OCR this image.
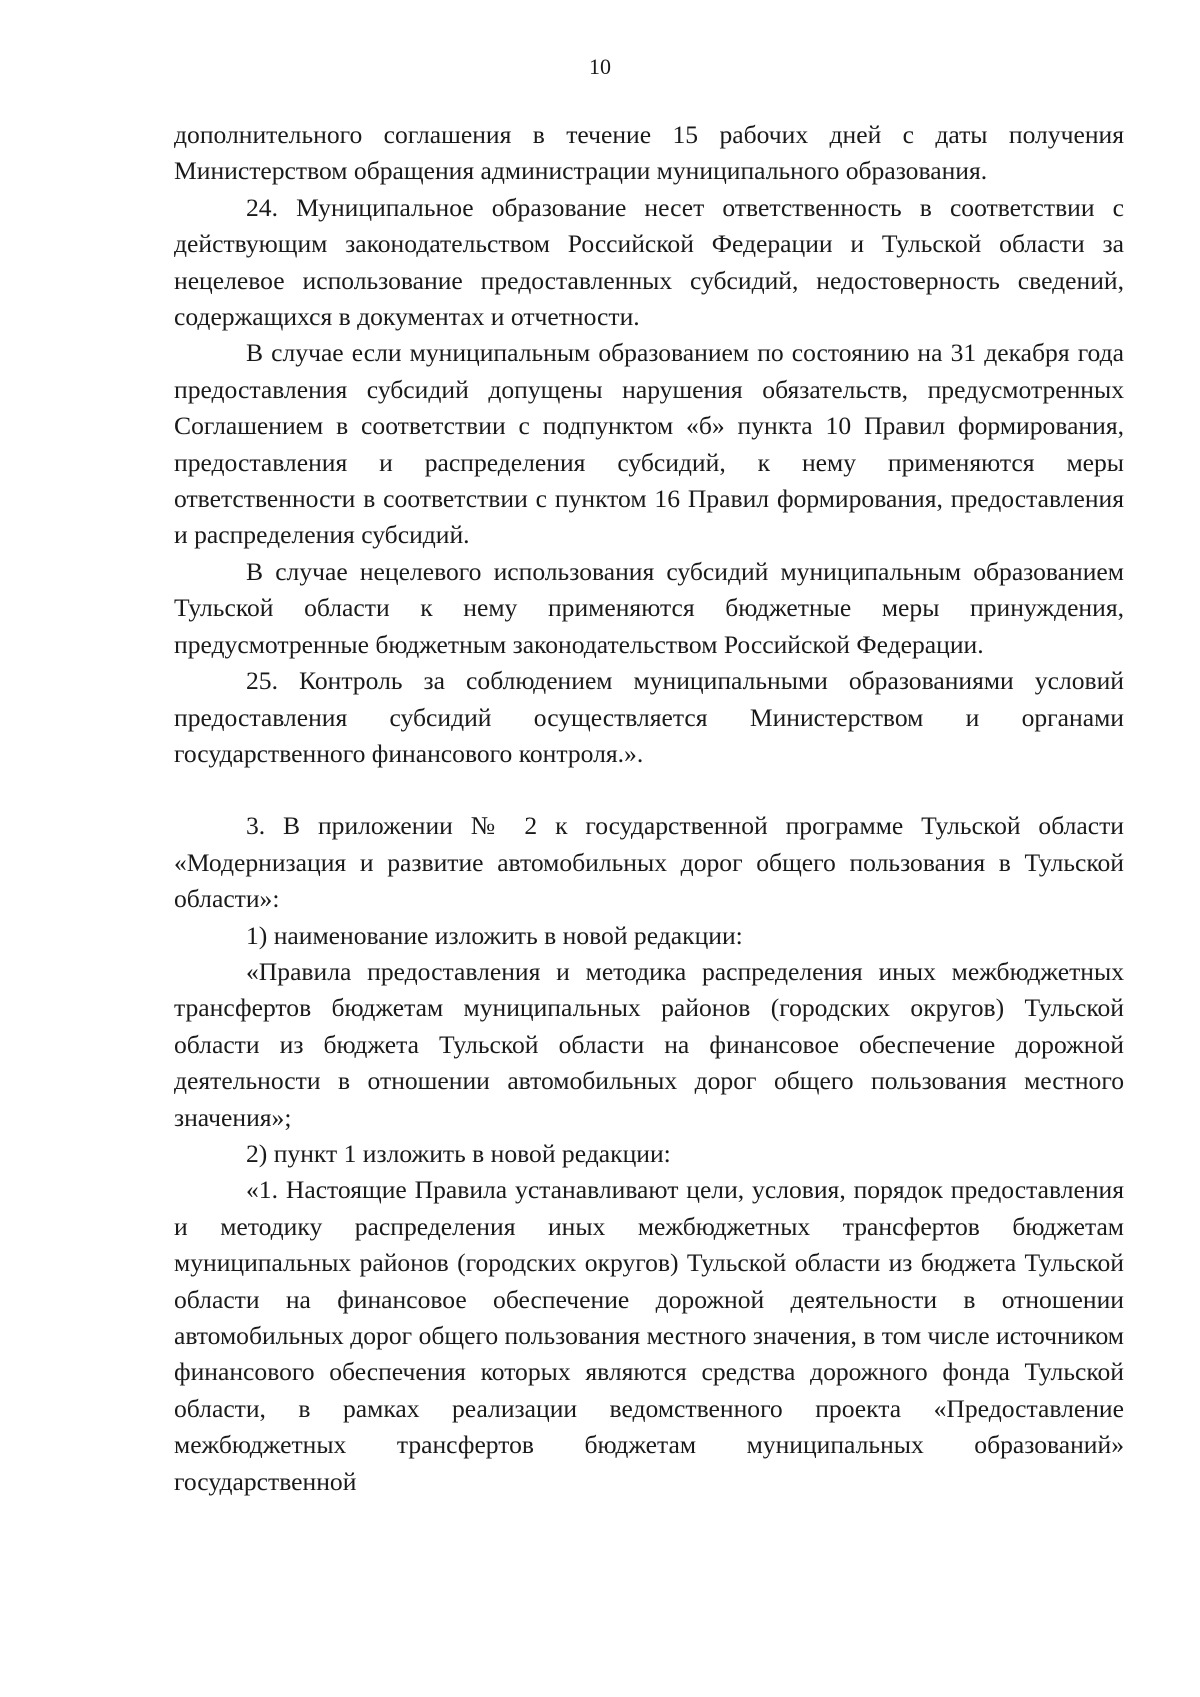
10

дополнительного соглашения в течение 15 рабочих дней с даты получения Министерством обращения администрации муниципального образования.

24. Муниципальное образование несет ответственность в соответствии с действующим законодательством Российской Федерации и Тульской области за нецелевое использование предоставленных субсидий, недостоверность сведений, содержащихся в документах и отчетности.

В случае если муниципальным образованием по состоянию на 31 декабря года предоставления субсидий допущены нарушения обязательств, предусмотренных Соглашением в соответствии с подпунктом «б» пункта 10 Правил формирования, предоставления и распределения субсидий, к нему применяются меры ответственности в соответствии с пунктом 16 Правил формирования, предоставления и распределения субсидий.

В случае нецелевого использования субсидий муниципальным образованием Тульской области к нему применяются бюджетные меры принуждения, предусмотренные бюджетным законодательством Российской Федерации.

25. Контроль за соблюдением муниципальными образованиями условий предоставления субсидий осуществляется Министерством и органами государственного финансового контроля.».

3. В приложении № 2 к государственной программе Тульской области «Модернизация и развитие автомобильных дорог общего пользования в Тульской области»:

1) наименование изложить в новой редакции:

«Правила предоставления и методика распределения иных межбюджетных трансфертов бюджетам муниципальных районов (городских округов) Тульской области из бюджета Тульской области на финансовое обеспечение дорожной деятельности в отношении автомобильных дорог общего пользования местного значения»;

2) пункт 1 изложить в новой редакции:

«1. Настоящие Правила устанавливают цели, условия, порядок предоставления и методику распределения иных межбюджетных трансфертов бюджетам муниципальных районов (городских округов) Тульской области из бюджета Тульской области на финансовое обеспечение дорожной деятельности в отношении автомобильных дорог общего пользования местного значения, в том числе источником финансового обеспечения которых являются средства дорожного фонда Тульской области, в рамках реализации ведомственного проекта «Предоставление межбюджетных трансфертов бюджетам муниципальных образований» государственной
